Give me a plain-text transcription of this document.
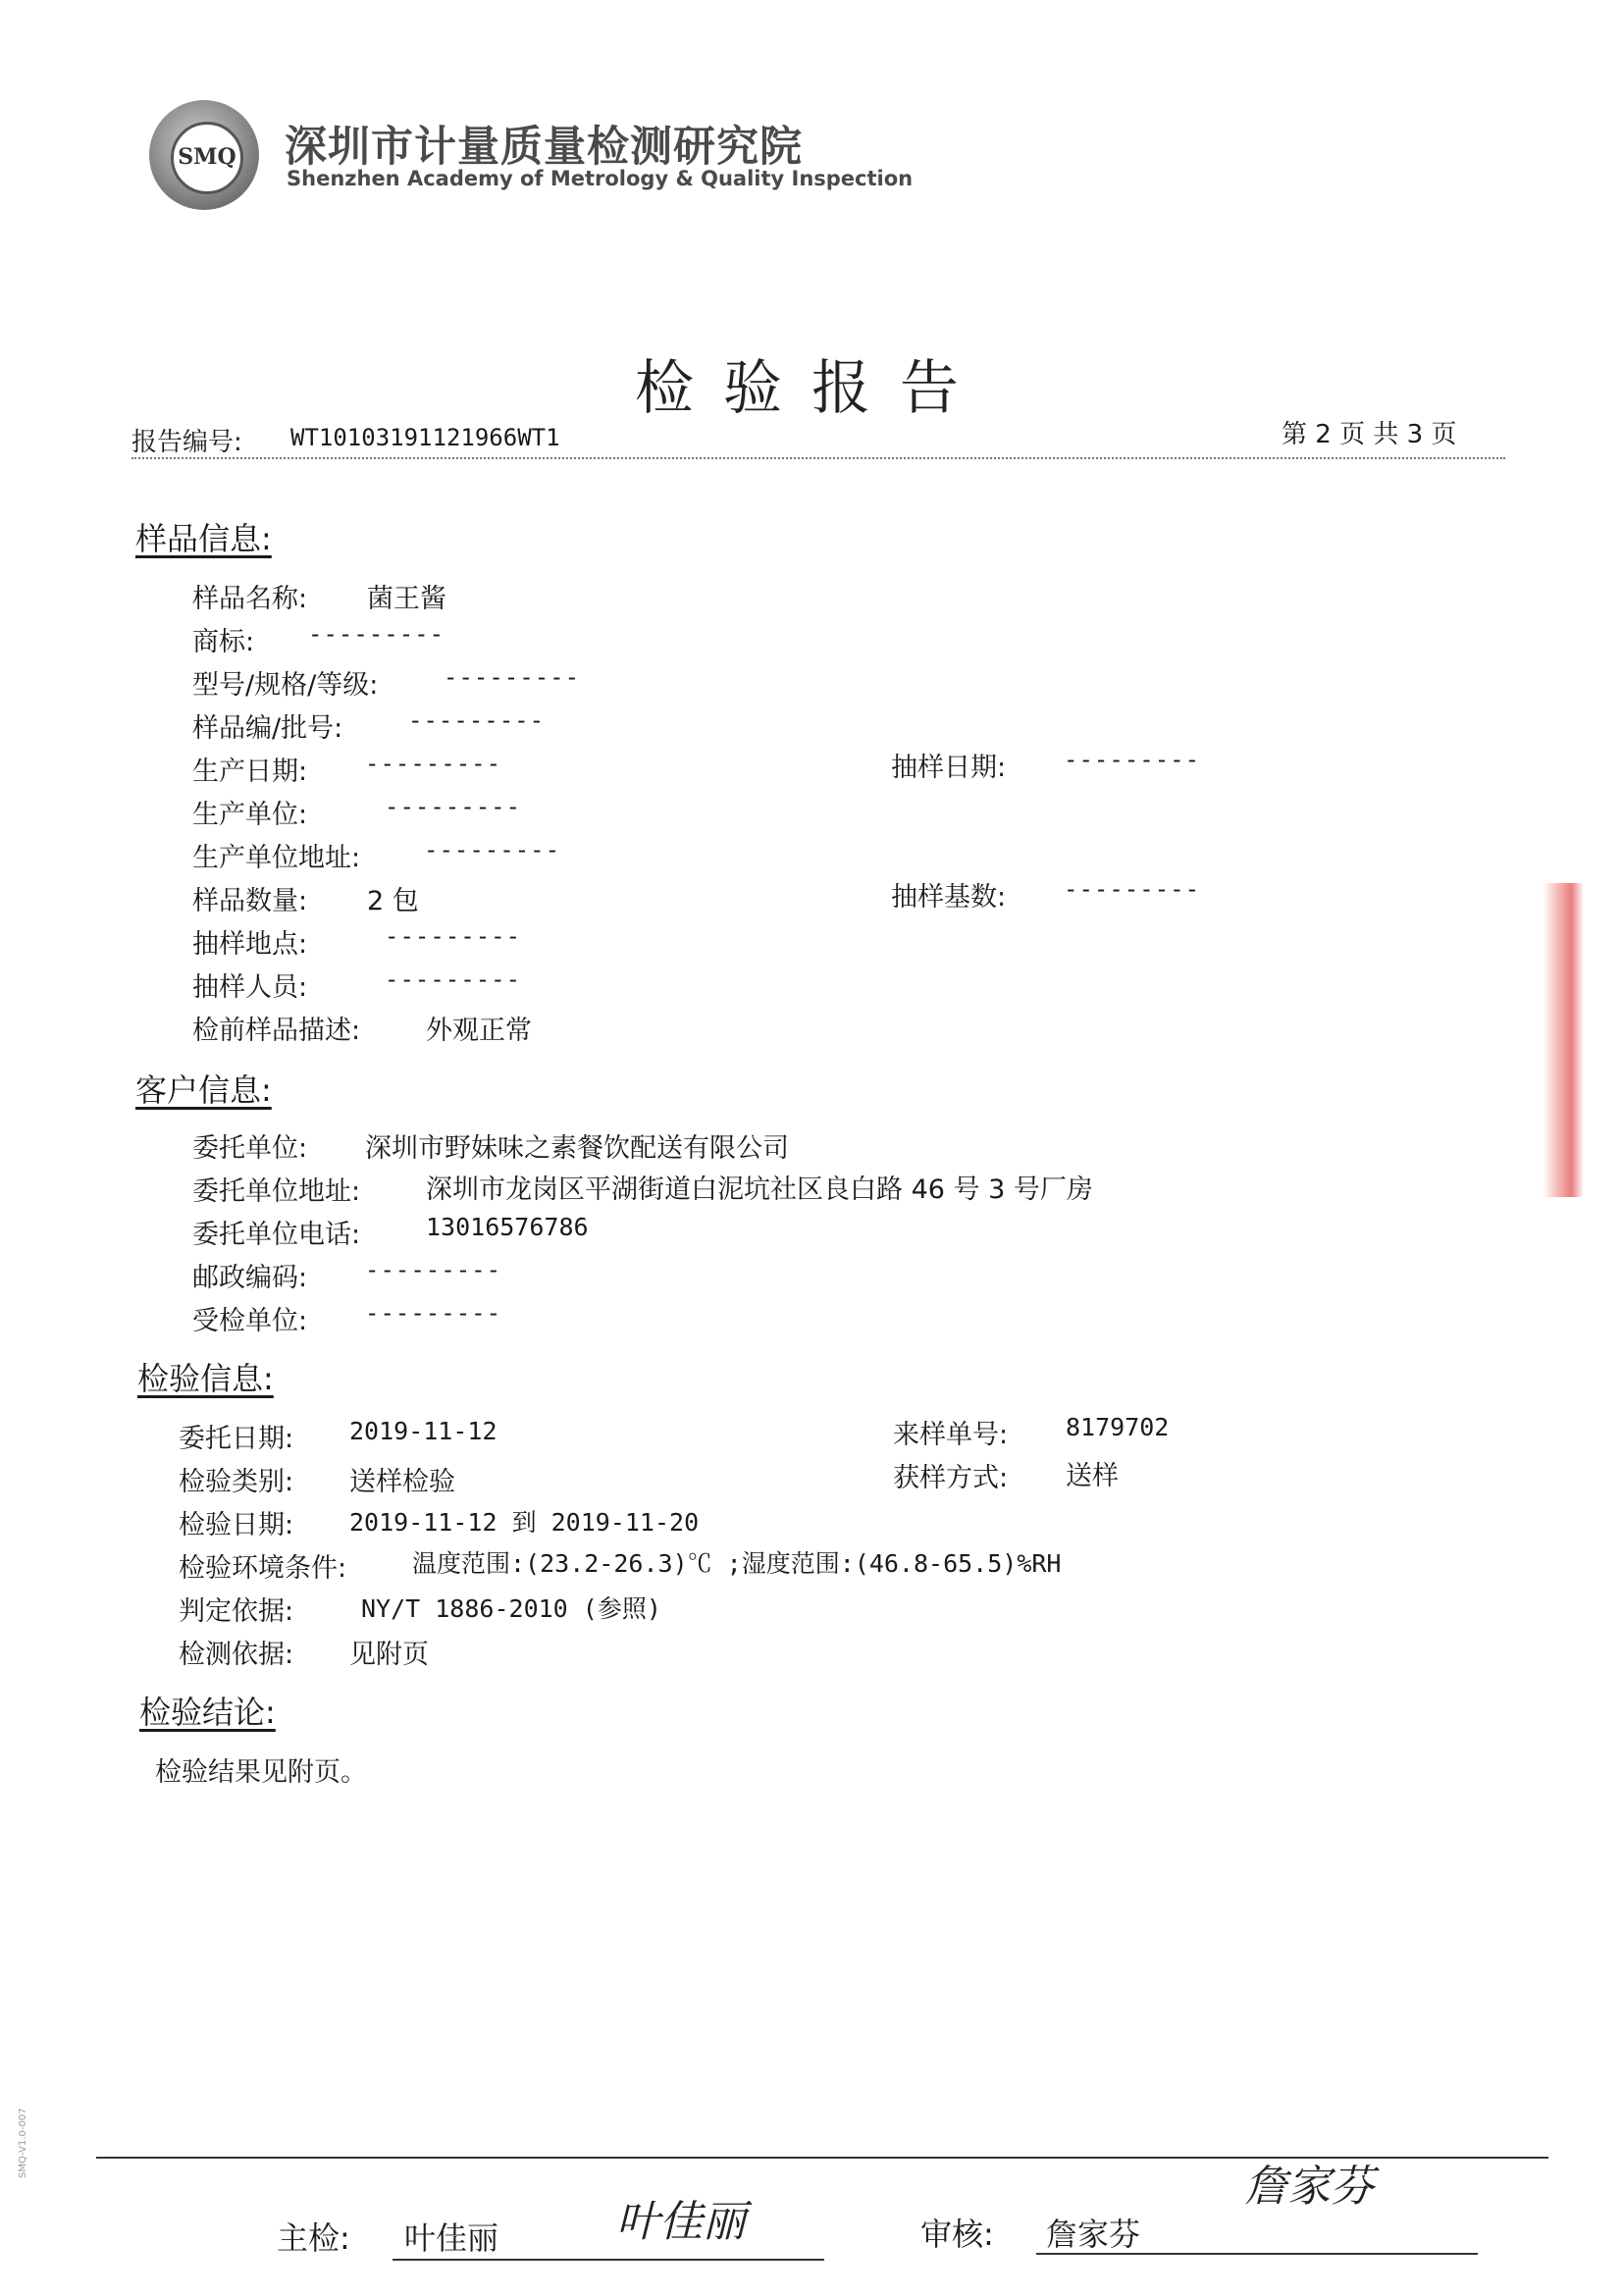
SMQ 深圳市计量质量检测研究院
Shenzhen Academy of Metrology & Quality Inspection
检验报告
报告编号: WT10103191121966WT1	第 2 页 共 3 页
样品信息:
样品名称: 菌王酱
商标: ---------
型号/规格/等级:	---------
样品编/批号:	---------
生产日期: ---------	抽样日期: ---------
生产单位:	---------
生产单位地址:	---------
样品数量: 2 包	抽样基数: ---------
抽样地点:	---------
抽样人员:	---------
检前样品描述: 外观正常
客户信息:
委托单位: 深圳市野妹味之素餐饮配送有限公司
委托单位地址: 深圳市龙岗区平湖街道白泥坑社区良白路 46 号 3 号厂房
委托单位电话:	13016576786
邮政编码: ---------
受检单位: ---------
检验信息:
委托日期: 2019-11-12	来样单号: 8179702
检验类别: 送样检验	获样方式: 送样
检验日期: 2019-11-12 到 2019-11-20
检验环境条件:	温度范围:(23.2-26.3)℃ ;湿度范围:(46.8-65.5)%RH
判定依据:	NY/T 1886-2010 (参照)
检测依据: 见附页
检验结论:
检验结果见附页。
主检: 叶佳丽	叶佳丽	审核: 詹家芬
詹家芬
SMQ-V1.0-007
